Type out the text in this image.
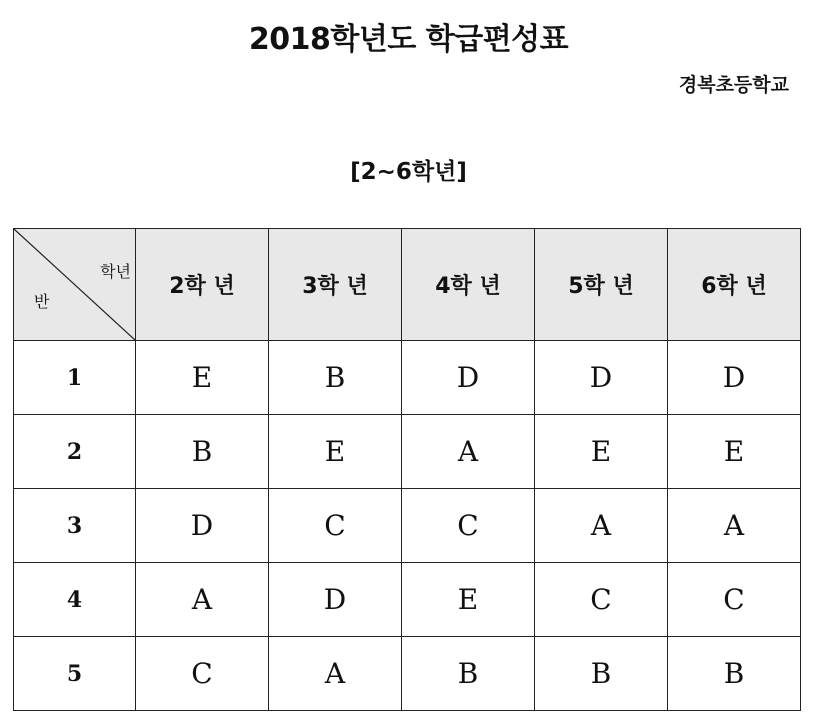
2018학년도 학급편성표
경복초등학교
[2~6학년]
학년
반	2학 년	3학 년	4학 년	5학 년	6학 년
1	E	B	D	D	D
2	B	E	A	E	E
3	D	C	C	A	A
4	A	D	E	C	C
5	C	A	B	B	B
